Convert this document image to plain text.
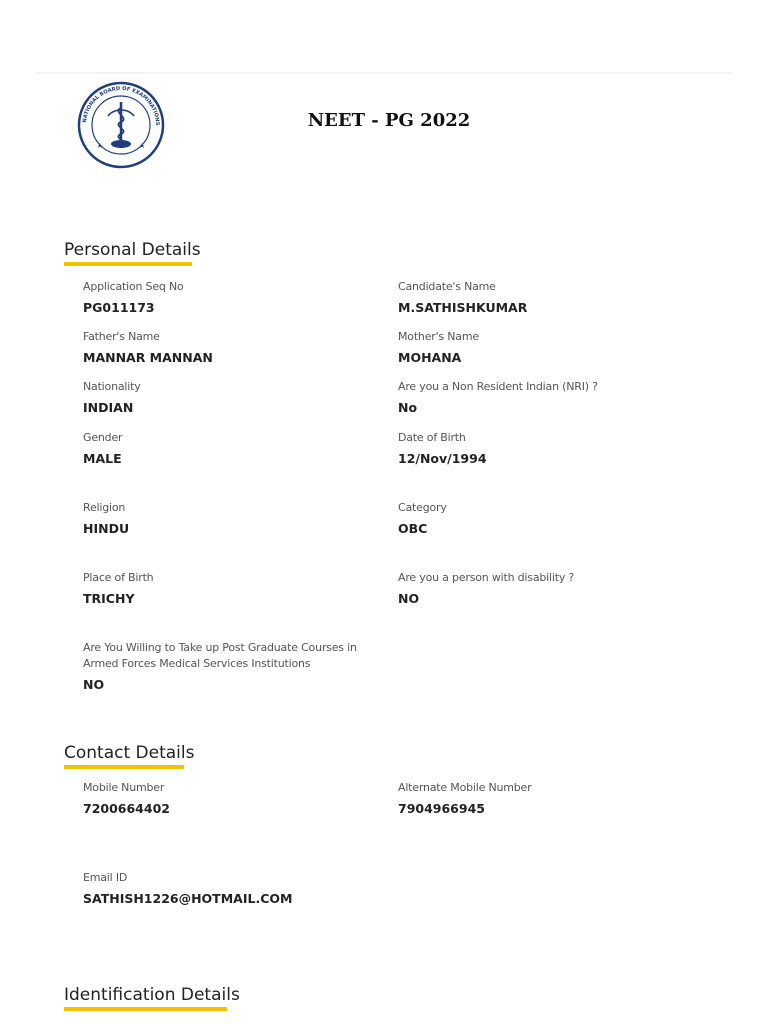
NATIONAL BOARD OF EXAMINATIONS	NEET - PG 2022
Personal Details
Application Seq No
PG011173
Candidate's Name
M.SATHISHKUMAR
Father's Name
MANNAR MANNAN
Mother's Name
MOHANA
Nationality
INDIAN
Are you a Non Resident Indian (NRI) ?
No
Gender
MALE
Date of Birth
12/Nov/1994
Religion
HINDU
Category
OBC
Place of Birth
TRICHY
Are you a person with disability ?
NO
Are You Willing to Take up Post Graduate Courses in Armed Forces Medical Services Institutions
NO
Contact Details
Mobile Number
7200664402
Alternate Mobile Number
7904966945
Email ID
SATHISH1226@HOTMAIL.COM
Identification Details
